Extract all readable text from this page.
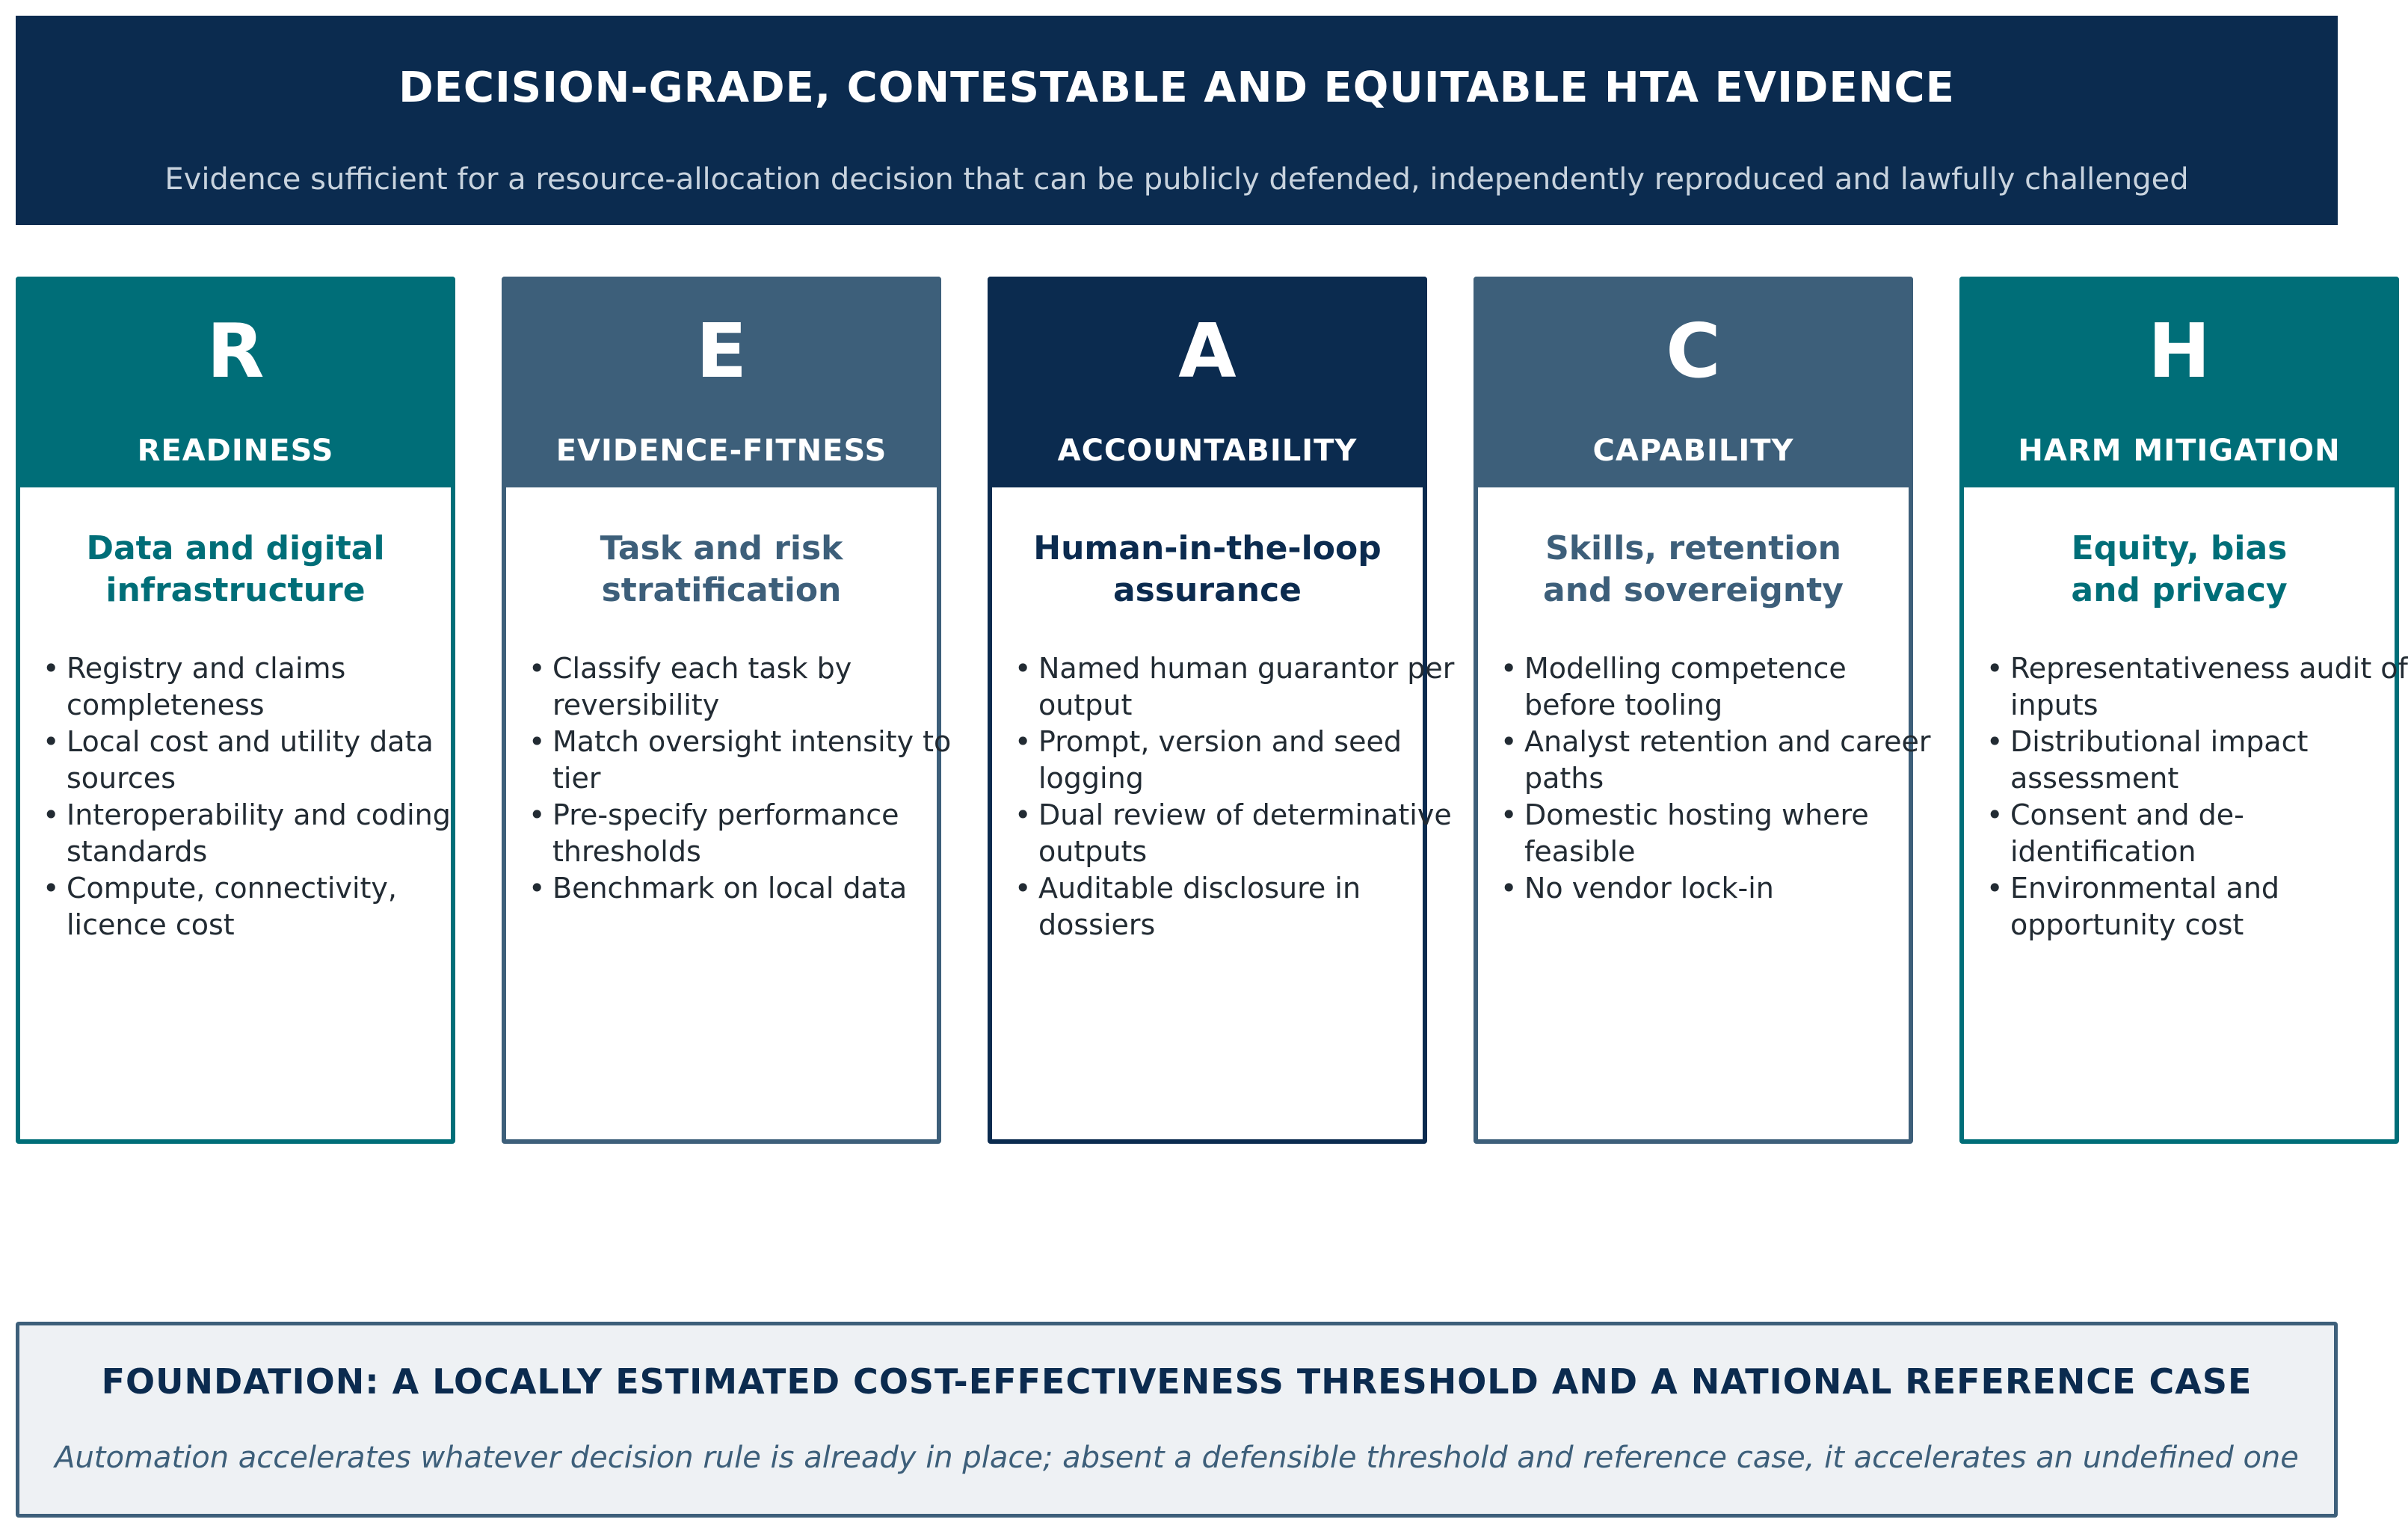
DECISION-GRADE, CONTESTABLE AND EQUITABLE HTA EVIDENCE
Evidence sufficient for a resource-allocation decision that can be publicly defended, independently reproduced and lawfully challenged
R
READINESS
Data and digital infrastructure
• Registry and claims completeness
• Local cost and utility data sources
• Interoperability and coding standards
• Compute, connectivity, licence cost
E
EVIDENCE-FITNESS
Task and risk stratification
• Classify each task by reversibility
• Match oversight intensity to tier
• Pre-specify performance thresholds
• Benchmark on local data
A
ACCOUNTABILITY
Human-in-the-loop assurance
• Named human guarantor per output
• Prompt, version and seed logging
• Dual review of determinative outputs
• Auditable disclosure in dossiers
C
CAPABILITY
Skills, retention and sovereignty
• Modelling competence before tooling
• Analyst retention and career paths
• Domestic hosting where feasible
• No vendor lock-in
H
HARM MITIGATION
Equity, bias and privacy
• Representativeness audit of inputs
• Distributional impact assessment
• Consent and de-identification
• Environmental and opportunity cost
FOUNDATION: A LOCALLY ESTIMATED COST-EFFECTIVENESS THRESHOLD AND A NATIONAL REFERENCE CASE
Automation accelerates whatever decision rule is already in place; absent a defensible threshold and reference case, it accelerates an undefined one
